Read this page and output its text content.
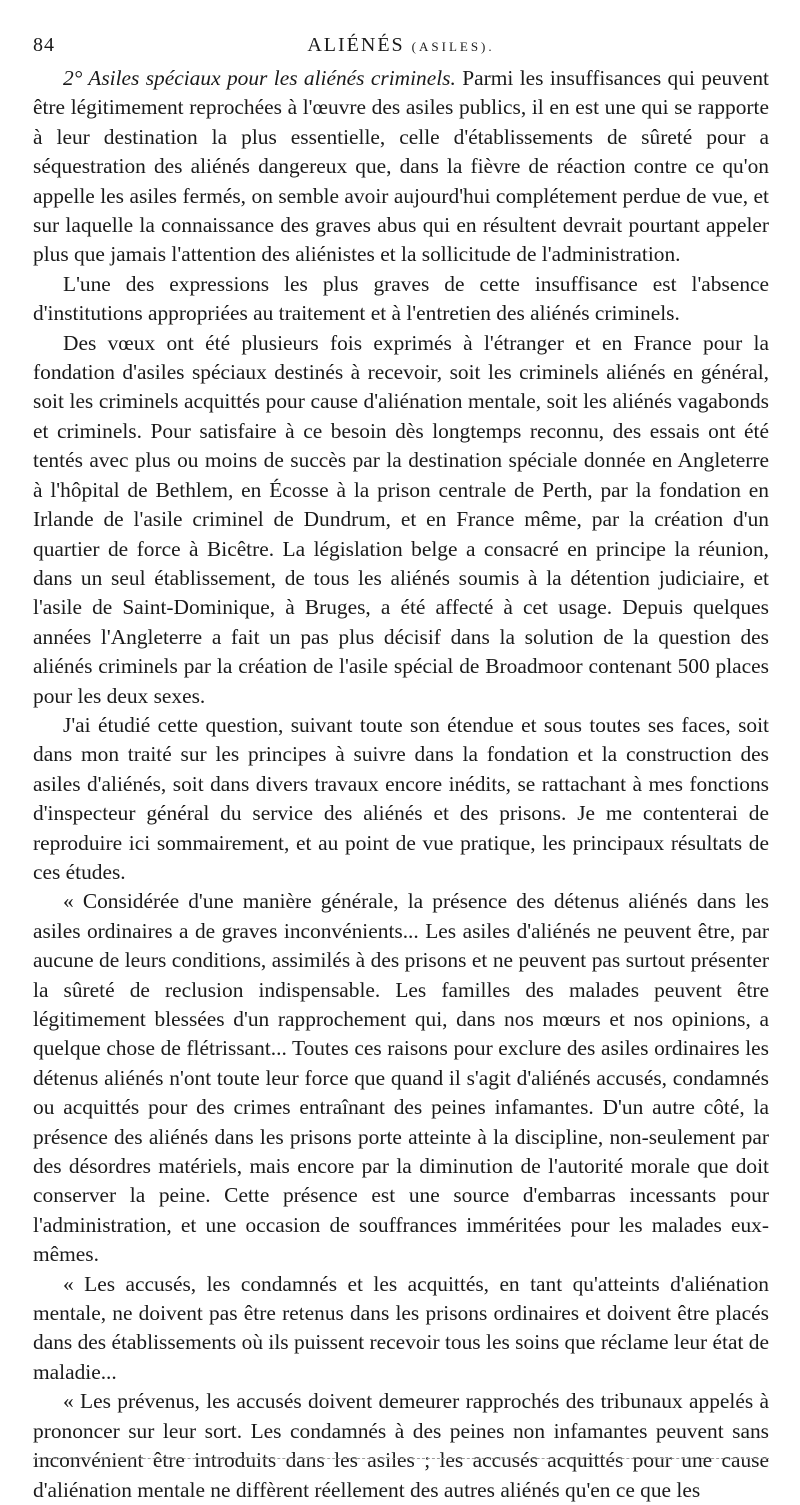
84	ALIÉNÉS (ASILES).

2° Asiles spéciaux pour les aliénés criminels. Parmi les insuffisances qui peuvent être légitimement reprochées à l'œuvre des asiles publics, il en est une qui se rapporte à leur destination la plus essentielle, celle d'établissements de sûreté pour a séquestration des aliénés dangereux que, dans la fièvre de réaction contre ce qu'on appelle les asiles fermés, on semble avoir aujourd'hui complétement perdue de vue, et sur laquelle la connaissance des graves abus qui en résultent devrait pourtant appeler plus que jamais l'attention des aliénistes et la sollicitude de l'administration.

L'une des expressions les plus graves de cette insuffisance est l'absence d'institutions appropriées au traitement et à l'entretien des aliénés criminels.

Des vœux ont été plusieurs fois exprimés à l'étranger et en France pour la fondation d'asiles spéciaux destinés à recevoir, soit les criminels aliénés en général, soit les criminels acquittés pour cause d'aliénation mentale, soit les aliénés vagabonds et criminels. Pour satisfaire à ce besoin dès longtemps reconnu, des essais ont été tentés avec plus ou moins de succès par la destination spéciale donnée en Angleterre à l'hôpital de Bethlem, en Écosse à la prison centrale de Perth, par la fondation en Irlande de l'asile criminel de Dundrum, et en France même, par la création d'un quartier de force à Bicêtre. La législation belge a consacré en principe la réunion, dans un seul établissement, de tous les aliénés soumis à la détention judiciaire, et l'asile de Saint-Dominique, à Bruges, a été affecté à cet usage. Depuis quelques années l'Angleterre a fait un pas plus décisif dans la solution de la question des aliénés criminels par la création de l'asile spécial de Broadmoor contenant 500 places pour les deux sexes.

J'ai étudié cette question, suivant toute son étendue et sous toutes ses faces, soit dans mon traité sur les principes à suivre dans la fondation et la construction des asiles d'aliénés, soit dans divers travaux encore inédits, se rattachant à mes fonctions d'inspecteur général du service des aliénés et des prisons. Je me contenterai de reproduire ici sommairement, et au point de vue pratique, les principaux résultats de ces études.

« Considérée d'une manière générale, la présence des détenus aliénés dans les asiles ordinaires a de graves inconvénients... Les asiles d'aliénés ne peuvent être, par aucune de leurs conditions, assimilés à des prisons et ne peuvent pas surtout présenter la sûreté de reclusion indispensable. Les familles des malades peuvent être légitimement blessées d'un rapprochement qui, dans nos mœurs et nos opinions, a quelque chose de flétrissant... Toutes ces raisons pour exclure des asiles ordinaires les détenus aliénés n'ont toute leur force que quand il s'agit d'aliénés accusés, condamnés ou acquittés pour des crimes entraînant des peines infamantes. D'un autre côté, la présence des aliénés dans les prisons porte atteinte à la discipline, non-seulement par des désordres matériels, mais encore par la diminution de l'autorité morale que doit conserver la peine. Cette présence est une source d'embarras incessants pour l'administration, et une occasion de souffrances imméritées pour les malades eux-mêmes.

« Les accusés, les condamnés et les acquittés, en tant qu'atteints d'aliénation mentale, ne doivent pas être retenus dans les prisons ordinaires et doivent être placés dans des établissements où ils puissent recevoir tous les soins que réclame leur état de maladie...

« Les prévenus, les accusés doivent demeurer rapprochés des tribunaux appelés à prononcer sur leur sort. Les condamnés à des peines non infamantes peuvent sans inconvénient être introduits dans les asiles ; les accusés acquittés pour une cause d'aliénation mentale ne diffèrent réellement des autres aliénés qu'en ce que les
